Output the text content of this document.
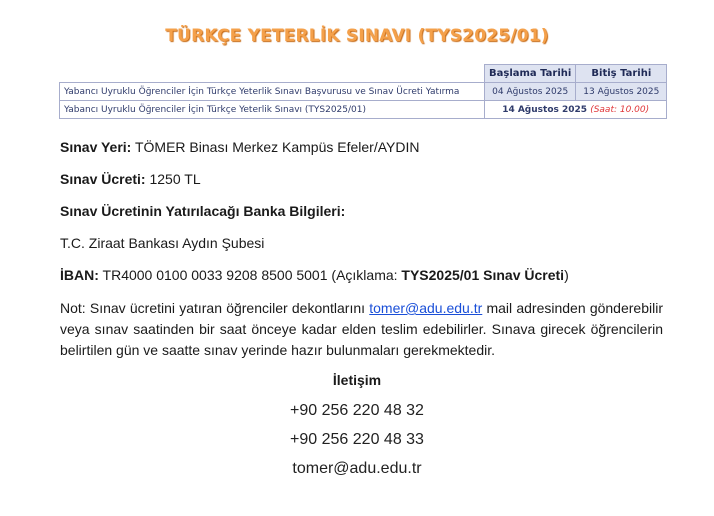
TÜRKÇE YETERLİK SINAVI (TYS2025/01)
	Başlama Tarihi	Bitiş Tarihi
Yabancı Uyruklu Öğrenciler İçin Türkçe Yeterlik Sınavı Başvurusu ve Sınav Ücreti Yatırma	04 Ağustos 2025	13 Ağustos 2025
Yabancı Uyruklu Öğrenciler İçin Türkçe Yeterlik Sınavı (TYS2025/01)	14 Ağustos 2025 (Saat: 10.00)	
Sınav Yeri: TÖMER Binası Merkez Kampüs Efeler/AYDIN
Sınav Ücreti: 1250 TL
Sınav Ücretinin Yatırılacağı Banka Bilgileri:
T.C. Ziraat Bankası Aydın Şubesi
İBAN: TR4000 0100 0033 9208 8500 5001 (Açıklama: TYS2025/01 Sınav Ücreti)
Not: Sınav ücretini yatıran öğrenciler dekontlarını tomer@adu.edu.tr mail adresinden gönderebilir veya sınav saatinden bir saat önceye kadar elden teslim edebilirler. Sınava girecek öğrencilerin belirtilen gün ve saatte sınav yerinde hazır bulunmaları gerekmektedir.
İletişim
+90 256 220 48 32
+90 256 220 48 33
tomer@adu.edu.tr
